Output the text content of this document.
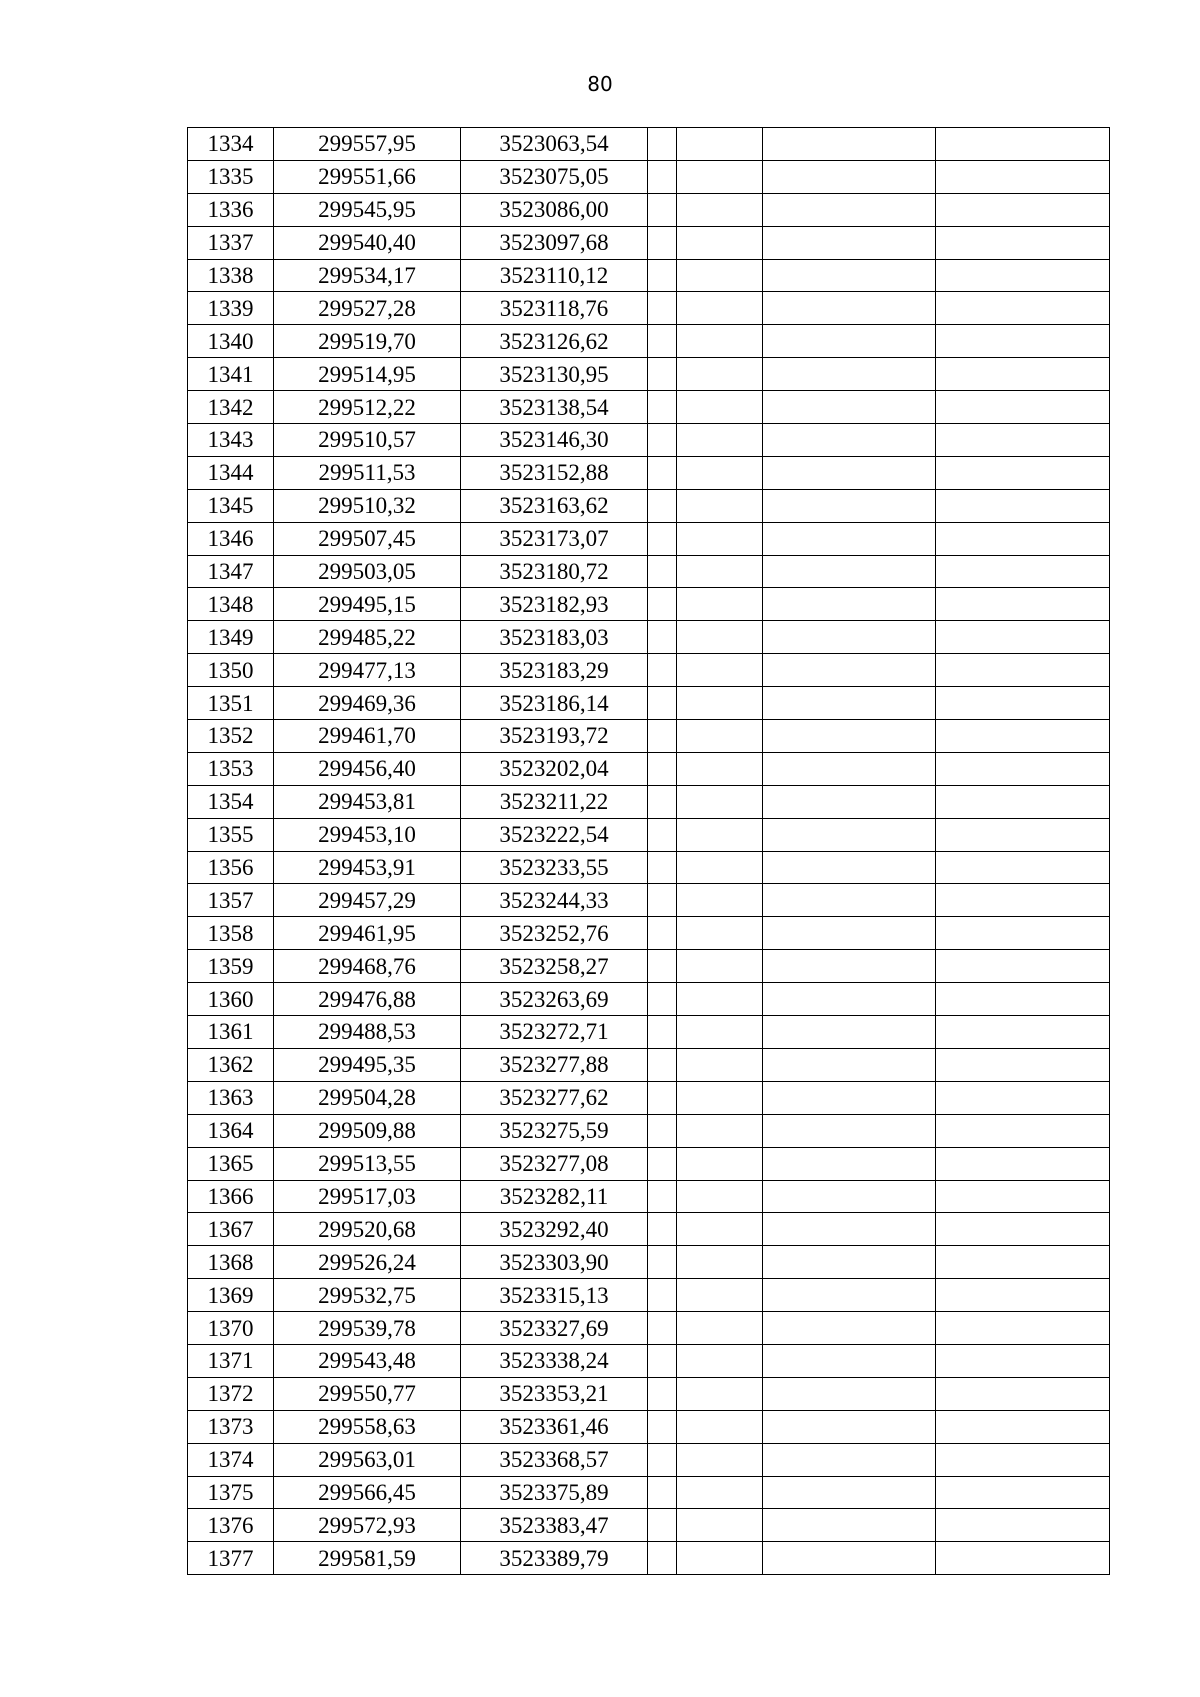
80
1334	299557,95	3523063,54				
1335	299551,66	3523075,05				
1336	299545,95	3523086,00				
1337	299540,40	3523097,68				
1338	299534,17	3523110,12				
1339	299527,28	3523118,76				
1340	299519,70	3523126,62				
1341	299514,95	3523130,95				
1342	299512,22	3523138,54				
1343	299510,57	3523146,30				
1344	299511,53	3523152,88				
1345	299510,32	3523163,62				
1346	299507,45	3523173,07				
1347	299503,05	3523180,72				
1348	299495,15	3523182,93				
1349	299485,22	3523183,03				
1350	299477,13	3523183,29				
1351	299469,36	3523186,14				
1352	299461,70	3523193,72				
1353	299456,40	3523202,04				
1354	299453,81	3523211,22				
1355	299453,10	3523222,54				
1356	299453,91	3523233,55				
1357	299457,29	3523244,33				
1358	299461,95	3523252,76				
1359	299468,76	3523258,27				
1360	299476,88	3523263,69				
1361	299488,53	3523272,71				
1362	299495,35	3523277,88				
1363	299504,28	3523277,62				
1364	299509,88	3523275,59				
1365	299513,55	3523277,08				
1366	299517,03	3523282,11				
1367	299520,68	3523292,40				
1368	299526,24	3523303,90				
1369	299532,75	3523315,13				
1370	299539,78	3523327,69				
1371	299543,48	3523338,24				
1372	299550,77	3523353,21				
1373	299558,63	3523361,46				
1374	299563,01	3523368,57				
1375	299566,45	3523375,89				
1376	299572,93	3523383,47				
1377	299581,59	3523389,79				
